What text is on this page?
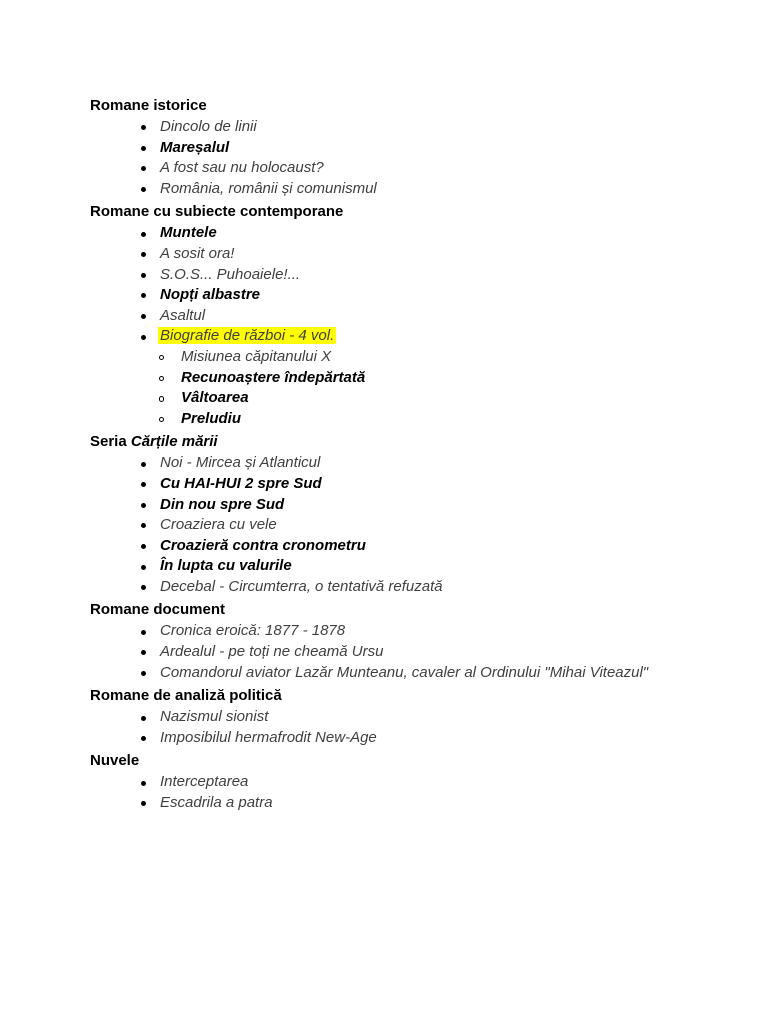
Romane istorice
Dincolo de linii
Mareșalul
A fost sau nu holocaust?
România, românii și comunismul
Romane cu subiecte contemporane
Muntele
A sosit ora!
S.O.S... Puhoaiele!...
Nopți albastre
Asaltul
Biografie de război - 4 vol.
Misiunea căpitanului X
Recunoaștere îndepărtată
Vâltoarea
Preludiu
Seria Cărțile mării
Noi - Mircea și Atlanticul
Cu HAI-HUI 2 spre Sud
Din nou spre Sud
Croaziera cu vele
Croazieră contra cronometru
În lupta cu valurile
Decebal - Circumterra, o tentativă refuzată
Romane document
Cronica eroică: 1877 - 1878
Ardealul - pe toți ne cheamă Ursu
Comandorul aviator Lazăr Munteanu, cavaler al Ordinului "Mihai Viteazul"
Romane de analiză politică
Nazismul sionist
Imposibilul hermafrodit New-Age
Nuvele
Interceptarea
Escadrila a patra
